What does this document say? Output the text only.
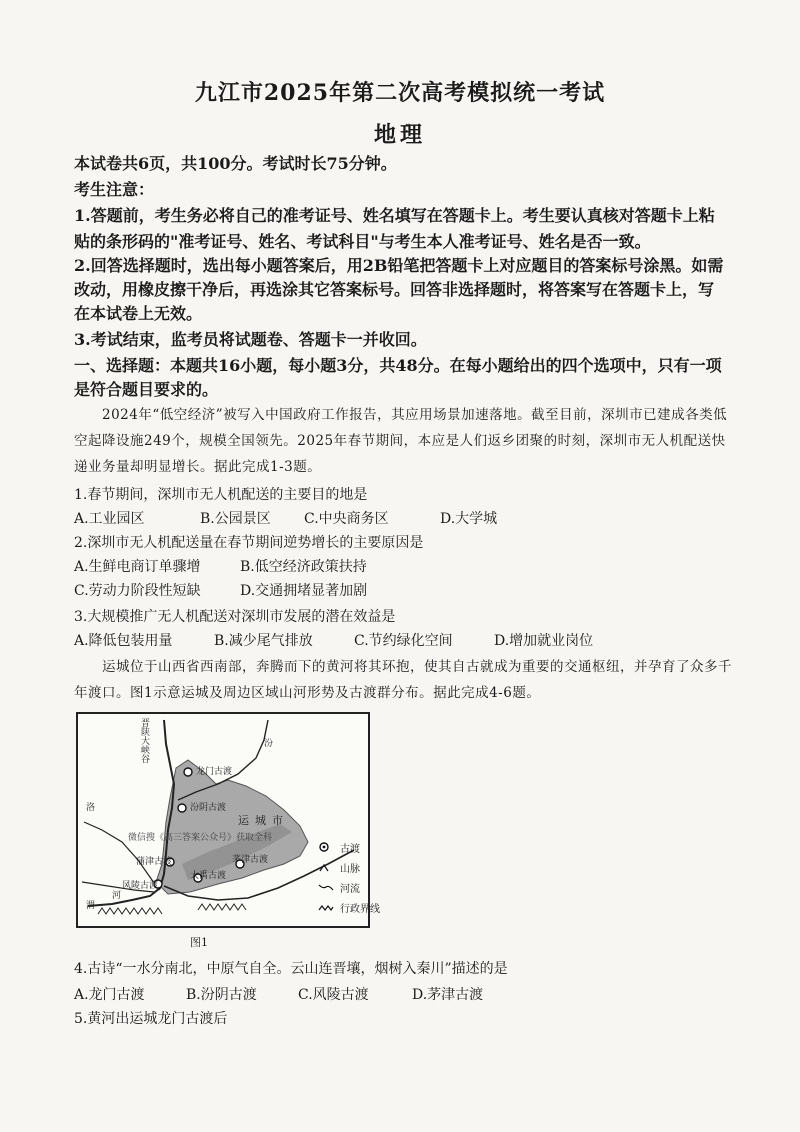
九江市2025年第二次高考模拟统一考试
地理
本试卷共6页，共100分。考试时长75分钟。
考生注意：
1.答题前，考生务必将自己的准考证号、姓名填写在答题卡上。考生要认真核对答题卡上粘
贴的条形码的"准考证号、姓名、考试科目"与考生本人准考证号、姓名是否一致。
2.回答选择题时，选出每小题答案后，用2B铅笔把答题卡上对应题目的答案标号涂黑。如需
改动，用橡皮擦干净后，再选涂其它答案标号。回答非选择题时，将答案写在答题卡上，写
在本试卷上无效。
3.考试结束，监考员将试题卷、答题卡一并收回。
一、选择题：本题共16小题，每小题3分，共48分。在每小题给出的四个选项中，只有一项
是符合题目要求的。
2024年“低空经济”被写入中国政府工作报告，其应用场景加速落地。截至目前，深圳市已建成各类低空起降设施249个，规模全国领先。2025年春节期间，本应是人们返乡团聚的时刻，深圳市无人机配送快递业务量却明显增长。据此完成1-3题。
1.春节期间，深圳市无人机配送的主要目的地是
A.工业园区	B.公园景区 C.中央商务区	D.大学城
2.深圳市无人机配送量在春节期间逆势增长的主要原因是
A.生鲜电商订单骤增	B.低空经济政策扶持
C.劳动力阶段性短缺	D.交通拥堵显著加剧
3.大规模推广无人机配送对深圳市发展的潜在效益是
A.降低包装用量	B.减少尾气排放	C.节约绿化空间	D.增加就业岗位
运城位于山西省西南部，奔腾而下的黄河将其环抱，使其自古就成为重要的交通枢纽，并孕育了众多千年渡口。图1示意运城及周边区域山河形势及古渡群分布。据此完成4-6题。
晋陕大峡谷	汾
洛
龙门古渡
汾阴古渡
运城市
微信搜《高三答案公众号》获取全科
蒲津古渡
风陵古渡
大禹古渡
茅津古渡
河
渭
古渡
山脉
河流
行政界线
图1
4.古诗“一水分南北，中原气自全。云山连晋壤，烟树入秦川”描述的是
A.龙门古渡	B.汾阴古渡	C.风陵古渡	D.茅津古渡
5.黄河出运城龙门古渡后
